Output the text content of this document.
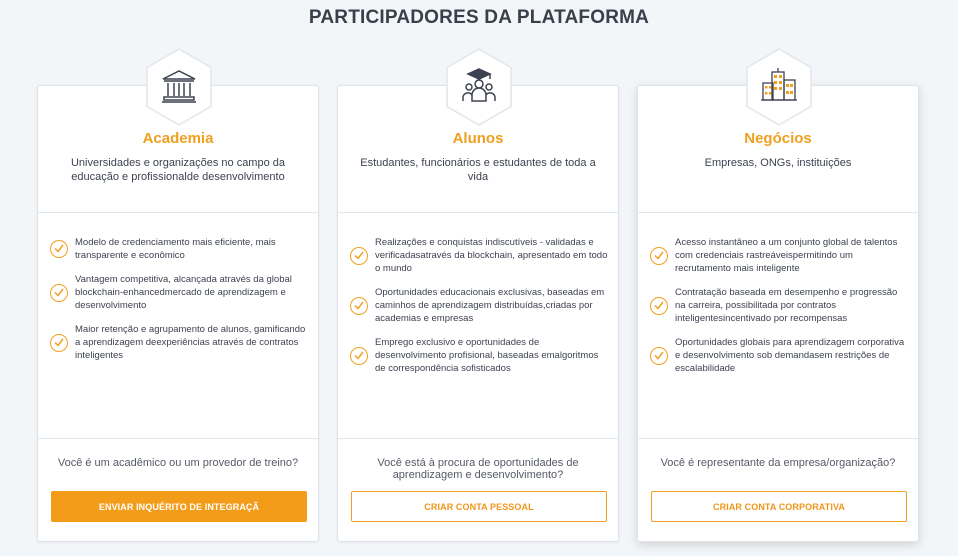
PARTICIPADORES DA PLATAFORMA
Academia
Universidades e organizações no campo da educação e profissionalde desenvolvimento
Modelo de credenciamento mais eficiente, mais transparente e econômico
Vantagem competitiva, alcançada através da global blockchain-enhancedmercado de aprendizagem e desenvolvimento
Maior retenção e agrupamento de alunos, gamificando a aprendizagem deexperiências através de contratos inteligentes
Você é um acadêmico ou um provedor de treino?
ENVIAR INQUÉRITO DE INTEGRAÇÃ
Alunos
Estudantes, funcionários e estudantes de toda a vida
Realizações e conquistas indiscutíveis - validadas e verificadasatravés da blockchain, apresentado em todo o mundo
Oportunidades educacionais exclusivas, baseadas em caminhos de aprendizagem distribuídas,criadas por academias e empresas
Emprego exclusivo e oportunidades de desenvolvimento profisional, baseadas emalgoritmos de correspondência sofisticados
Você está à procura de oportunidades de aprendizagem e desenvolvimento?
CRIAR CONTA PESSOAL
Negócios
Empresas, ONGs, instituições
Acesso instantâneo a um conjunto global de talentos com credenciais rastreáveispermitindo um recrutamento mais inteligente
Contratação baseada em desempenho e progressão na carreira, possibilitada por contratos inteligentesincentivado por recompensas
Oportunidades globais para aprendizagem corporativa e desenvolvimento sob demandasem restrições de escalabilidade
Você é representante da empresa/organização?
CRIAR CONTA CORPORATIVA
